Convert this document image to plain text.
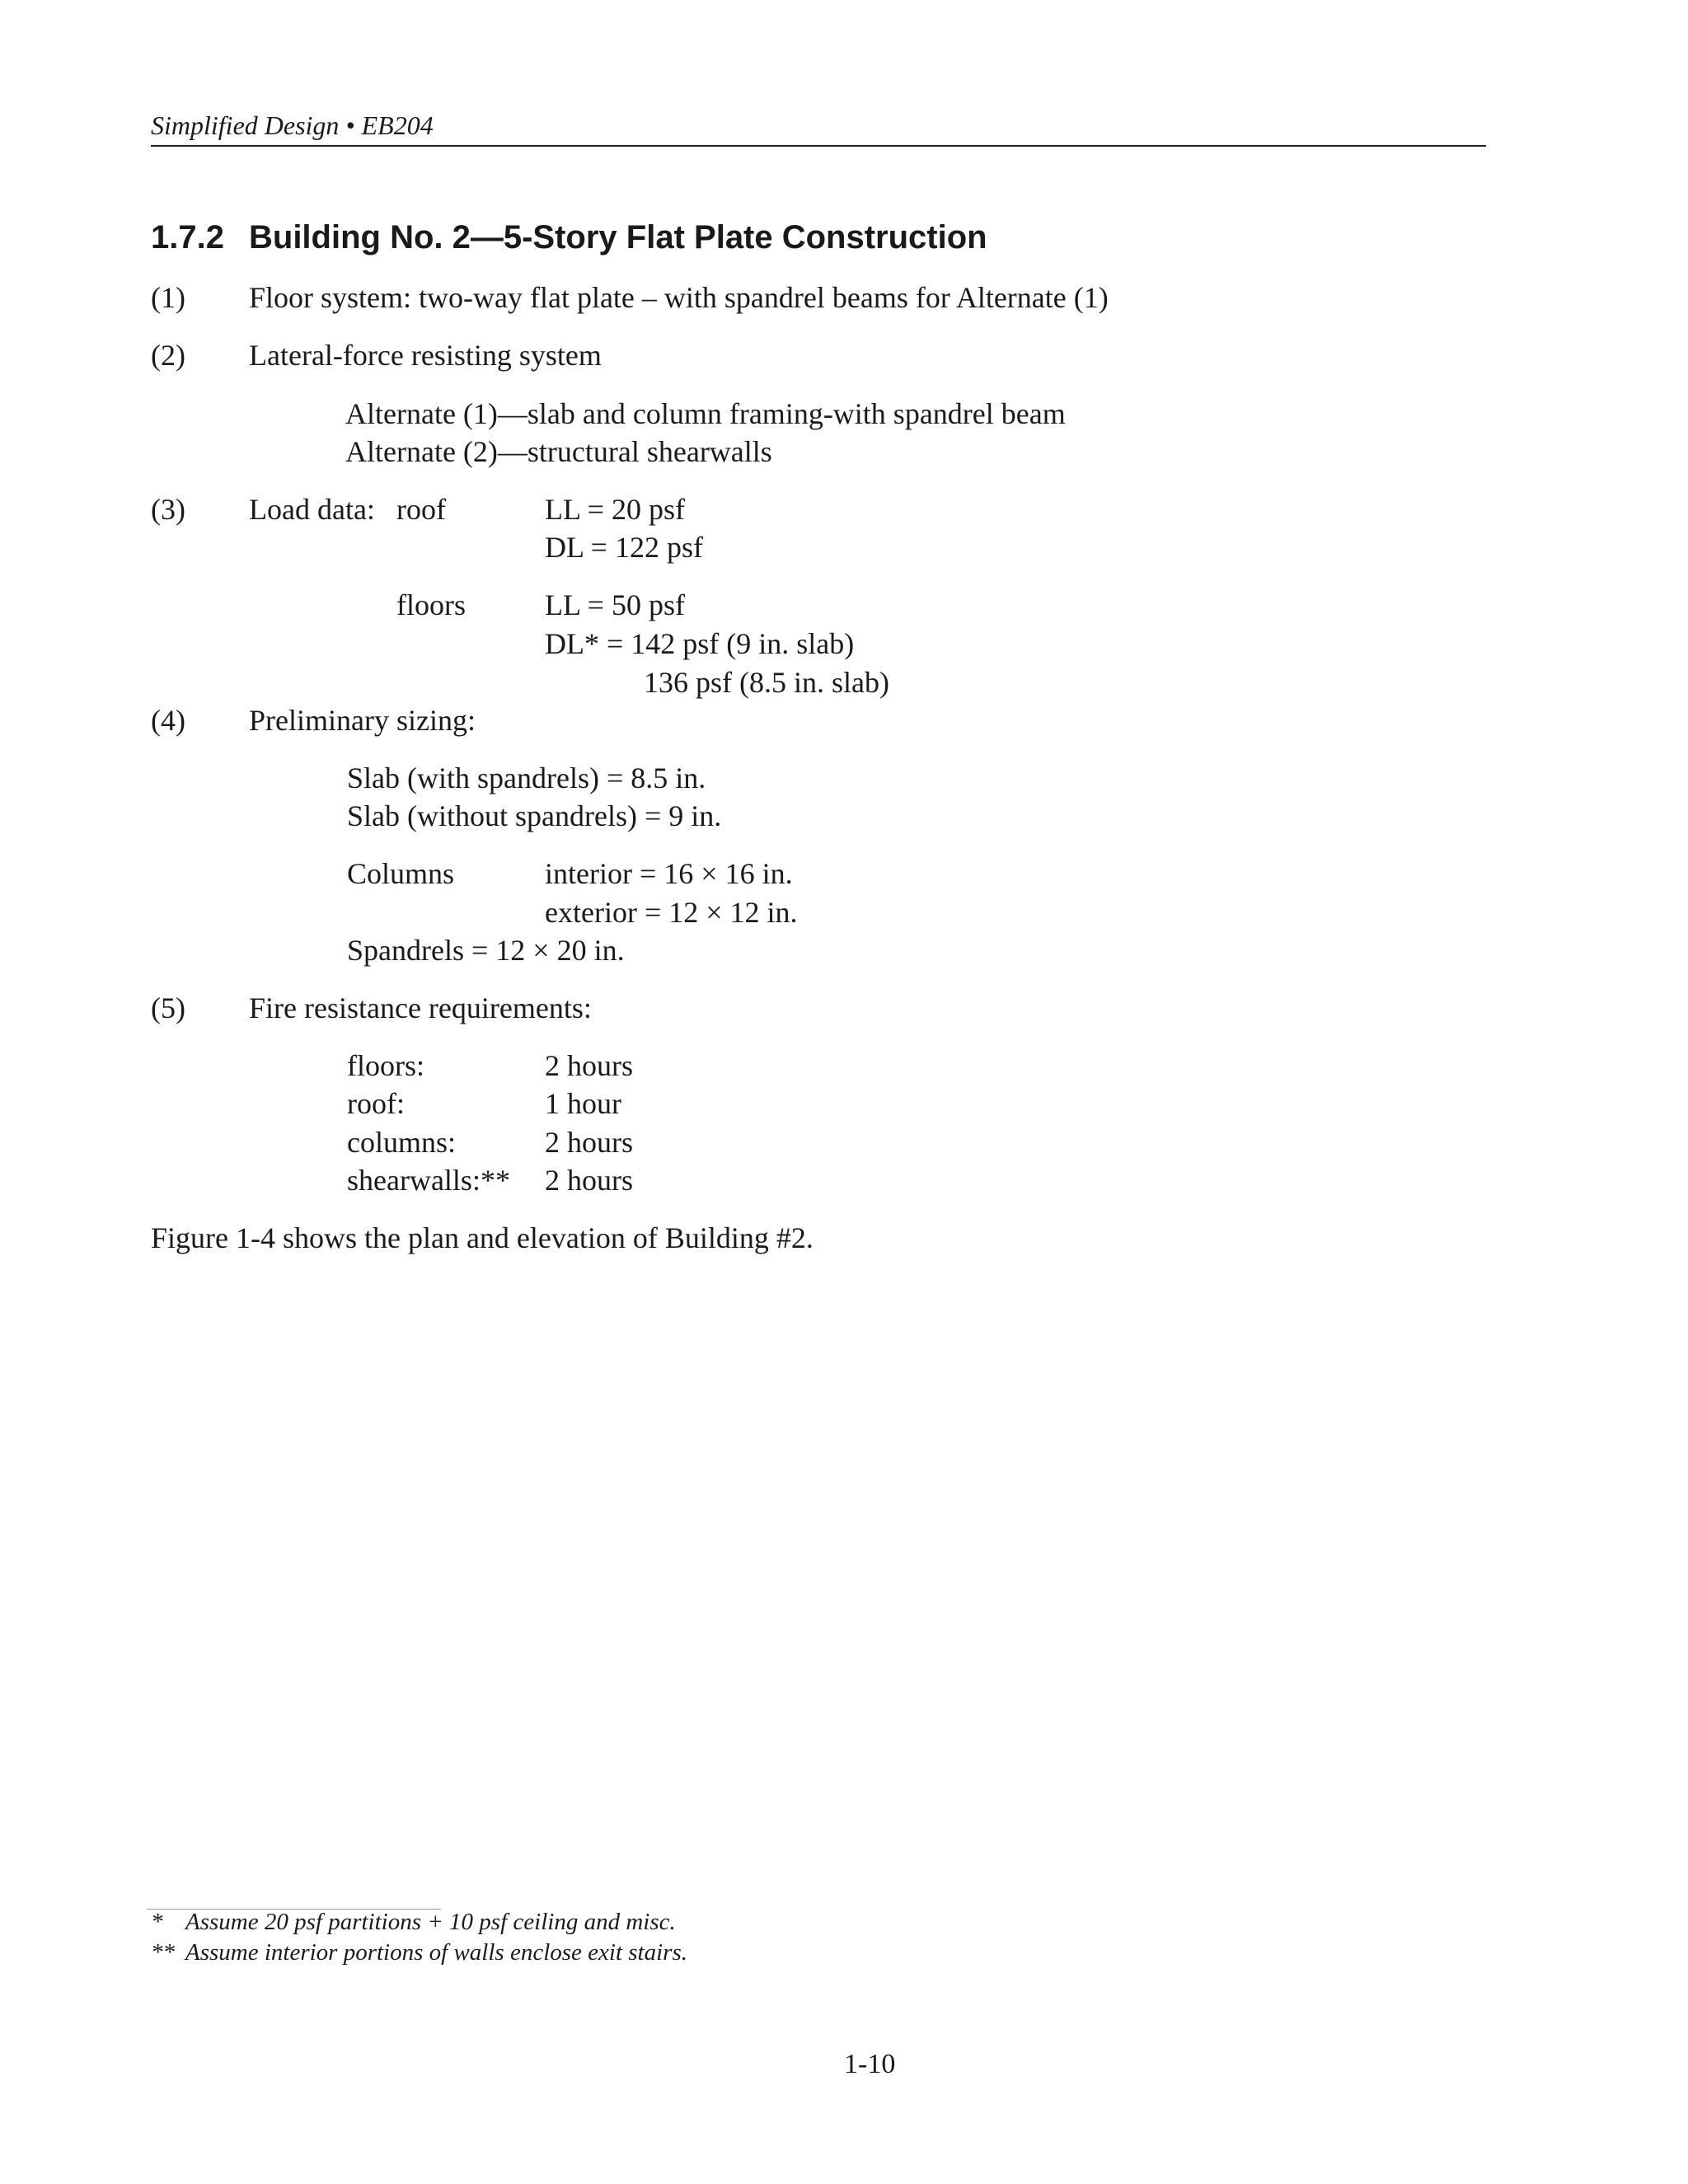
Simplified Design • EB204
1.7.2 Building No. 2—5-Story Flat Plate Construction
(1) Floor system: two-way flat plate – with spandrel beams for Alternate (1)
(2) Lateral-force resisting system
Alternate (1)—slab and column framing-with spandrel beam
Alternate (2)—structural shearwalls
(3) Load data: roof	LL = 20 psf
DL = 122 psf
floors	LL = 50 psf
DL* = 142 psf (9 in. slab)
136 psf (8.5 in. slab)
(4) Preliminary sizing:
Slab (with spandrels) = 8.5 in.
Slab (without spandrels) = 9 in.
Columns	interior = 16 × 16 in.
exterior = 12 × 12 in.
Spandrels = 12 × 20 in.
(5) Fire resistance requirements:
floors:	2 hours
roof:	1 hour
columns:	2 hours
shearwalls:** 2 hours
Figure 1-4 shows the plan and elevation of Building #2.
* Assume 20 psf partitions + 10 psf ceiling and misc.
** Assume interior portions of walls enclose exit stairs.
1-10
